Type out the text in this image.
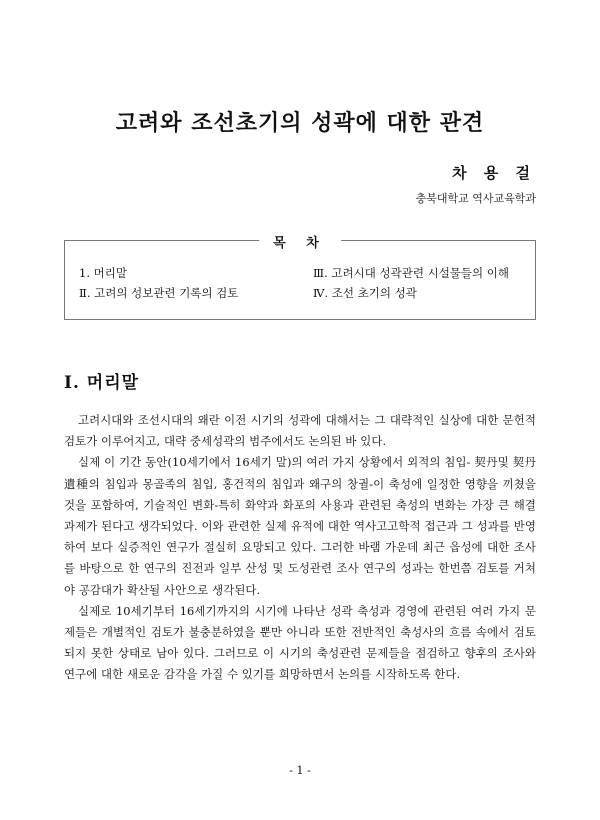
고려와 조선초기의 성곽에 대한 관견

차 용 걸

충북대학교 역사교육학과

목 차

1. 머리말

Ⅱ. 고려의 성보관련 기록의 검토

Ⅲ. 고려시대 성곽관련 시설물들의 이해

Ⅳ. 조선 초기의 성곽

Ⅰ. 머리말

고려시대와 조선시대의 왜란 이전 시기의 성곽에 대해서는 그 대략적인 실상에 대한 문헌적 검토가 이루어지고, 대략 중세성곽의 범주에서도 논의된 바 있다.

실제 이 기간 동안(10세기에서 16세기 말)의 여러 가지 상황에서 외적의 침입- 契丹및 契丹 遺種의 침입과 몽골족의 침입, 홍건적의 침입과 왜구의 창궐-이 축성에 일정한 영향을 끼쳤을 것을 포함하여, 기술적인 변화-특히 화약과 화포의 사용과 관련된 축성의 변화는 가장 큰 해결 과제가 된다고 생각되었다. 이와 관련한 실제 유적에 대한 역사고고학적 접근과 그 성과를 반영하여 보다 실증적인 연구가 절실히 요망되고 있다. 그러한 바램 가운데 최근 읍성에 대한 조사를 바탕으로 한 연구의 진전과 일부 산성 및 도성관련 조사 연구의 성과는 한번쯤 검토를 거쳐야 공감대가 확산될 사안으로 생각된다.

실제로 10세기부터 16세기까지의 시기에 나타난 성곽 축성과 경영에 관련된 여러 가지 문제들은 개별적인 검토가 불충분하였을 뿐만 아니라 또한 전반적인 축성사의 흐름 속에서 검토되지 못한 상태로 남아 있다. 그러므로 이 시기의 축성관련 문제들을 점검하고 향후의 조사와 연구에 대한 새로운 감각을 가질 수 있기를 희망하면서 논의를 시작하도록 한다.

- 1 -
